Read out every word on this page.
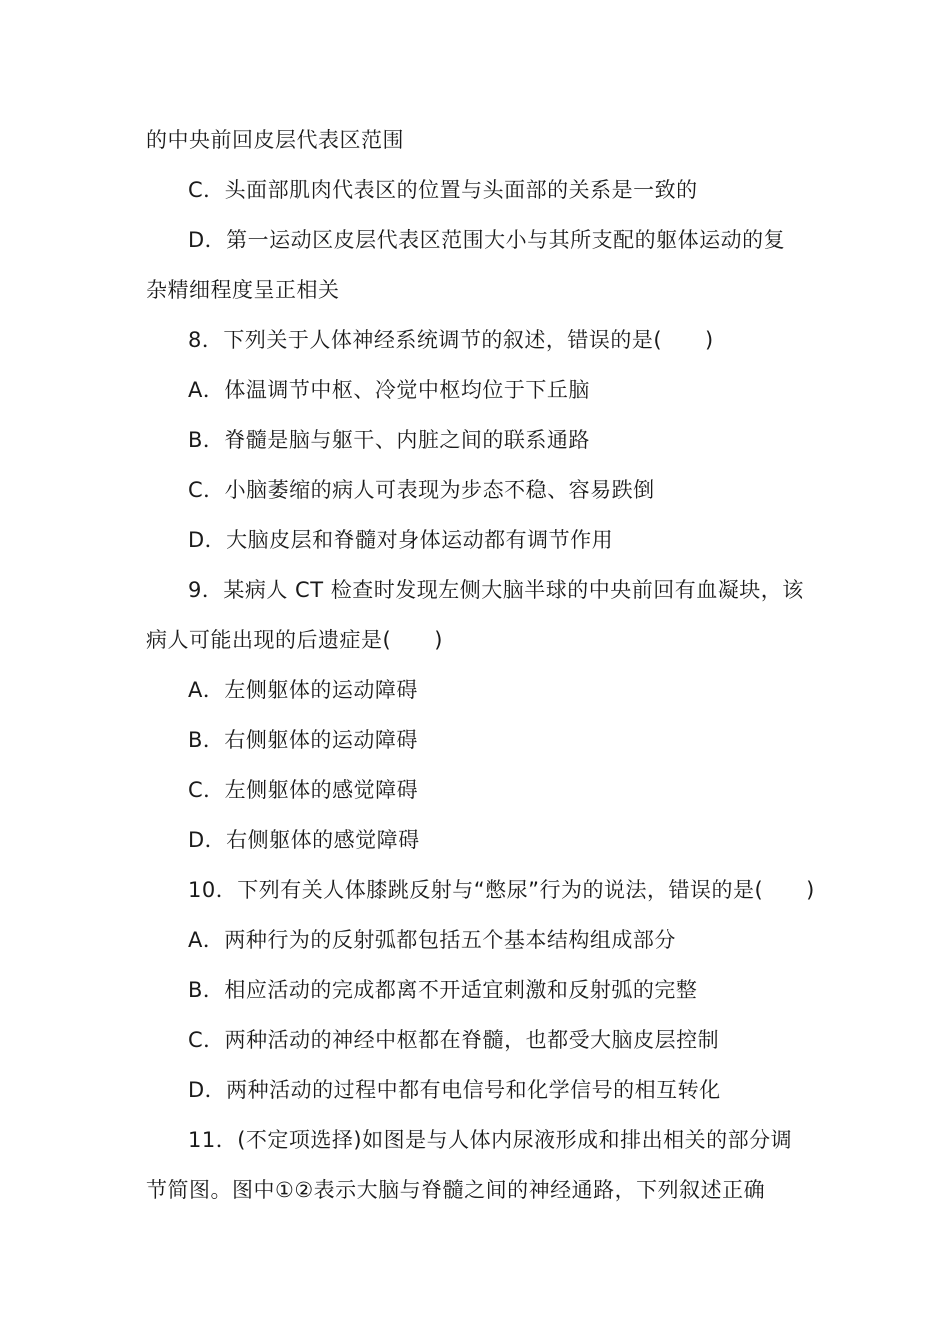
的中央前回皮层代表区范围
C．头面部肌肉代表区的位置与头面部的关系是一致的
D．第一运动区皮层代表区范围大小与其所支配的躯体运动的复
杂精细程度呈正相关
8．下列关于人体神经系统调节的叙述，错误的是(　　)
A．体温调节中枢、冷觉中枢均位于下丘脑
B．脊髓是脑与躯干、内脏之间的联系通路
C．小脑萎缩的病人可表现为步态不稳、容易跌倒
D．大脑皮层和脊髓对身体运动都有调节作用
9．某病人 CT 检查时发现左侧大脑半球的中央前回有血凝块，该
病人可能出现的后遗症是(　　)
A．左侧躯体的运动障碍
B．右侧躯体的运动障碍
C．左侧躯体的感觉障碍
D．右侧躯体的感觉障碍
10．下列有关人体膝跳反射与“憋尿”行为的说法，错误的是(　　)
A．两种行为的反射弧都包括五个基本结构组成部分
B．相应活动的完成都离不开适宜刺激和反射弧的完整
C．两种活动的神经中枢都在脊髓，也都受大脑皮层控制
D．两种活动的过程中都有电信号和化学信号的相互转化
11．(不定项选择)如图是与人体内尿液形成和排出相关的部分调
节简图。图中①②表示大脑与脊髓之间的神经通路，下列叙述正确
